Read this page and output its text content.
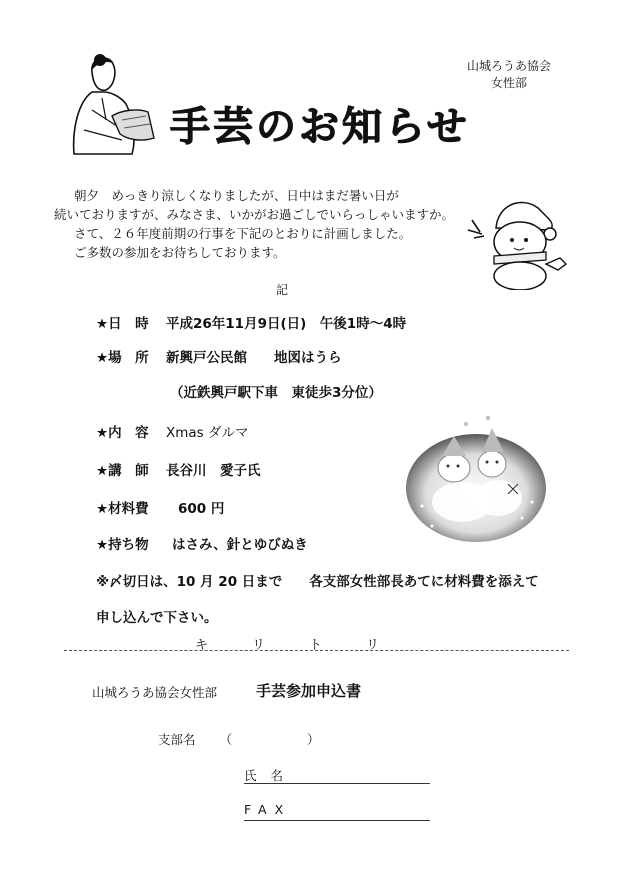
山城ろうあ協会
女性部
手芸のお知らせ
朝夕　めっきり涼しくなりましたが、日中はまだ暑い日が
続いておりますが、みなさま、いかがお過ごしでいらっしゃいますか。
さて、２６年度前期の行事を下記のとおりに計画しました。
ご多数の参加をお待ちしております。
記
★日　時 平成26年11月9日(日)　午後1時～4時
★場　所 新興戸公民館　　地図はうら
（近鉄興戸駅下車　東徒歩3分位）
★内　容 Xmas ダルマ
★講　師 長谷川　愛子氏
★材料費 600 円
★持ち物 はさみ、針とゆびぬき
※〆切日は、10 月 20 日まで　　各支部女性部長あてに材料費を添えて
申し込んで下さい。
キ	リ	ト	リ
山城ろうあ協会女性部	手芸参加申込書
支部名 （　　　　　　）
氏名
FAX
